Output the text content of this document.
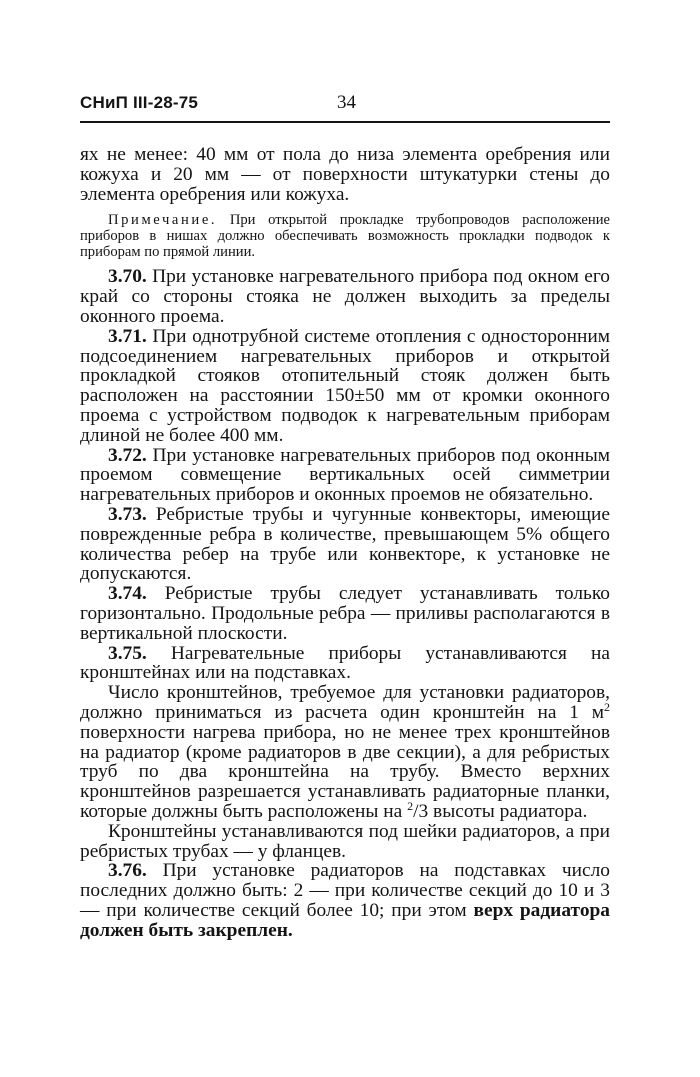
СНиП III-28-75	34

ях не менее: 40 мм от пола до низа элемента оребрения или кожуха и 20 мм — от поверхности штукатурки стены до элемента оребрения или кожуха.

Примечание. При открытой прокладке трубопроводов расположение приборов в нишах должно обеспечивать возможность прокладки подводок к приборам по прямой линии.

3.70. При установке нагревательного прибора под окном его край со стороны стояка не должен выходить за пределы оконного проема.

3.71. При однотрубной системе отопления с односторонним подсоединением нагревательных приборов и открытой прокладкой стояков отопительный стояк должен быть расположен на расстоянии 150±50 мм от кромки оконного проема с устройством подводок к нагревательным приборам длиной не более 400 мм.

3.72. При установке нагревательных приборов под оконным проемом совмещение вертикальных осей симметрии нагревательных приборов и оконных проемов не обязательно.

3.73. Ребристые трубы и чугунные конвекторы, имеющие поврежденные ребра в количестве, превышающем 5% общего количества ребер на трубе или конвекторе, к установке не допускаются.

3.74. Ребристые трубы следует устанавливать только горизонтально. Продольные ребра — приливы располагаются в вертикальной плоскости.

3.75. Нагревательные приборы устанавливаются на кронштейнах или на подставках.

Число кронштейнов, требуемое для установки радиаторов, должно приниматься из расчета один кронштейн на 1 $м^2$ поверхности нагрева прибора, но не менее трех кронштейнов на радиатор (кроме радиаторов в две секции), а для ребристых труб по два кронштейна на трубу. Вместо верхних кронштейнов разрешается устанавливать радиаторные планки, которые должны быть расположены на $^2$/3 высоты радиатора.

Кронштейны устанавливаются под шейки радиаторов, а при ребристых трубах — у фланцев.

3.76. При установке радиаторов на подставках число последних должно быть: 2 — при количестве секций до 10 и 3 — при количестве секций более 10; при этом верх радиатора должен быть закреплен.
